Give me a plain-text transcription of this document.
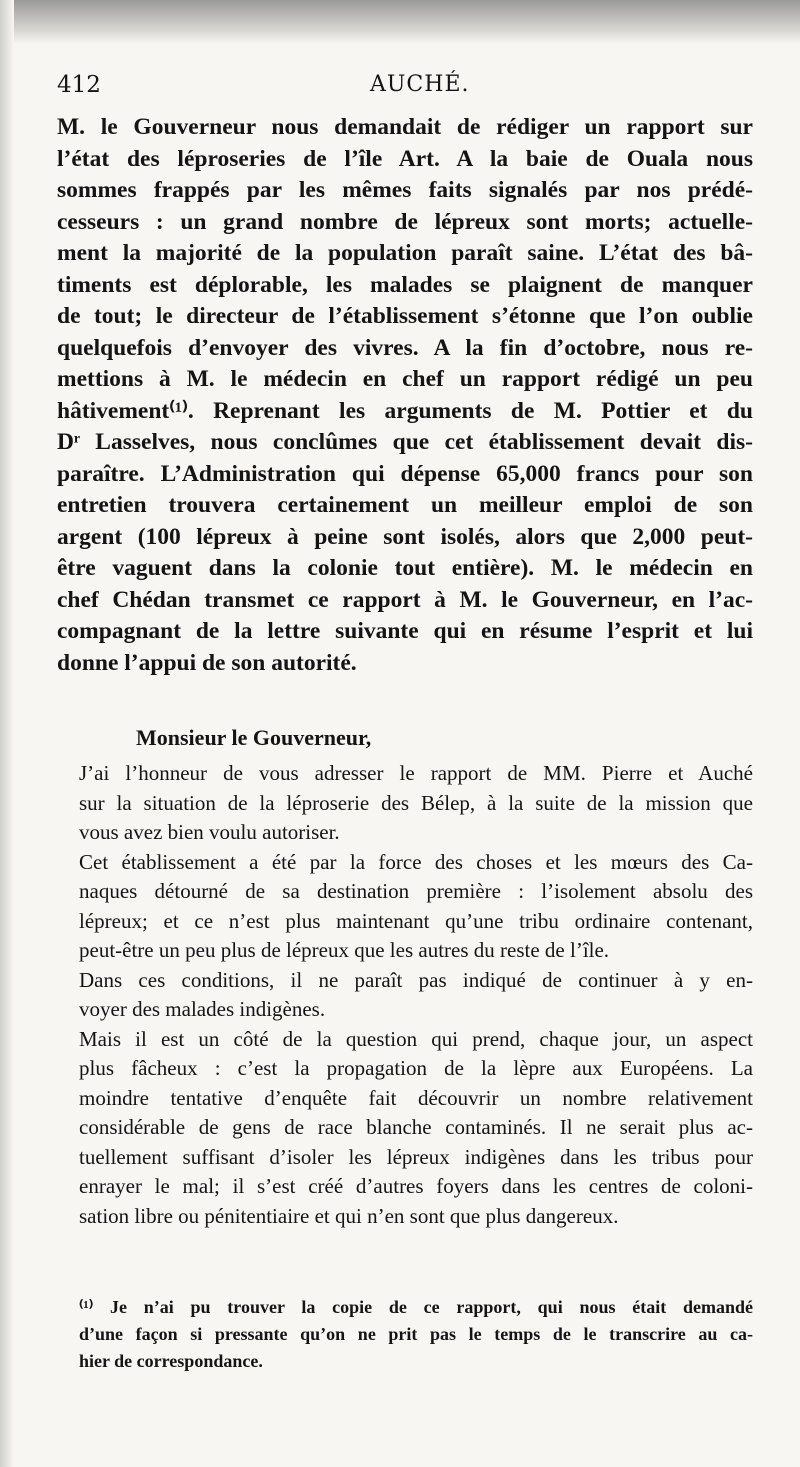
412	AUCHÉ.
M. le Gouverneur nous demandait de rédiger un rapport sur
l’état des léproseries de l’île Art. A la baie de Ouala nous
sommes frappés par les mêmes faits signalés par nos prédé-
cesseurs : un grand nombre de lépreux sont morts; actuelle-
ment la majorité de la population paraît saine. L’état des bâ-
timents est déplorable, les malades se plaignent de manquer
de tout; le directeur de l’établissement s’étonne que l’on oublie
quelquefois d’envoyer des vivres. A la fin d’octobre, nous re-
mettions à M. le médecin en chef un rapport rédigé un peu
hâtivement⁽¹⁾. Reprenant les arguments de M. Pottier et du
Dʳ Lasselves, nous conclûmes que cet établissement devait dis-
paraître. L’Administration qui dépense 65,000 francs pour son
entretien trouvera certainement un meilleur emploi de son
argent (100 lépreux à peine sont isolés, alors que 2,000 peut-
être vaguent dans la colonie tout entière). M. le médecin en
chef Chédan transmet ce rapport à M. le Gouverneur, en l’ac-
compagnant de la lettre suivante qui en résume l’esprit et lui
donne l’appui de son autorité.
Monsieur le Gouverneur,
J’ai l’honneur de vous adresser le rapport de MM. Pierre et Auché
sur la situation de la léproserie des Bélep, à la suite de la mission que
vous avez bien voulu autoriser.
Cet établissement a été par la force des choses et les mœurs des Ca-
naques détourné de sa destination première : l’isolement absolu des
lépreux; et ce n’est plus maintenant qu’une tribu ordinaire contenant,
peut-être un peu plus de lépreux que les autres du reste de l’île.
Dans ces conditions, il ne paraît pas indiqué de continuer à y en-
voyer des malades indigènes.
Mais il est un côté de la question qui prend, chaque jour, un aspect
plus fâcheux : c’est la propagation de la lèpre aux Européens. La
moindre tentative d’enquête fait découvrir un nombre relativement
considérable de gens de race blanche contaminés. Il ne serait plus ac-
tuellement suffisant d’isoler les lépreux indigènes dans les tribus pour
enrayer le mal; il s’est créé d’autres foyers dans les centres de coloni-
sation libre ou pénitentiaire et qui n’en sont que plus dangereux.
⁽¹⁾ Je n’ai pu trouver la copie de ce rapport, qui nous était demandé
d’une façon si pressante qu’on ne prit pas le temps de le transcrire au ca-
hier de correspondance.
